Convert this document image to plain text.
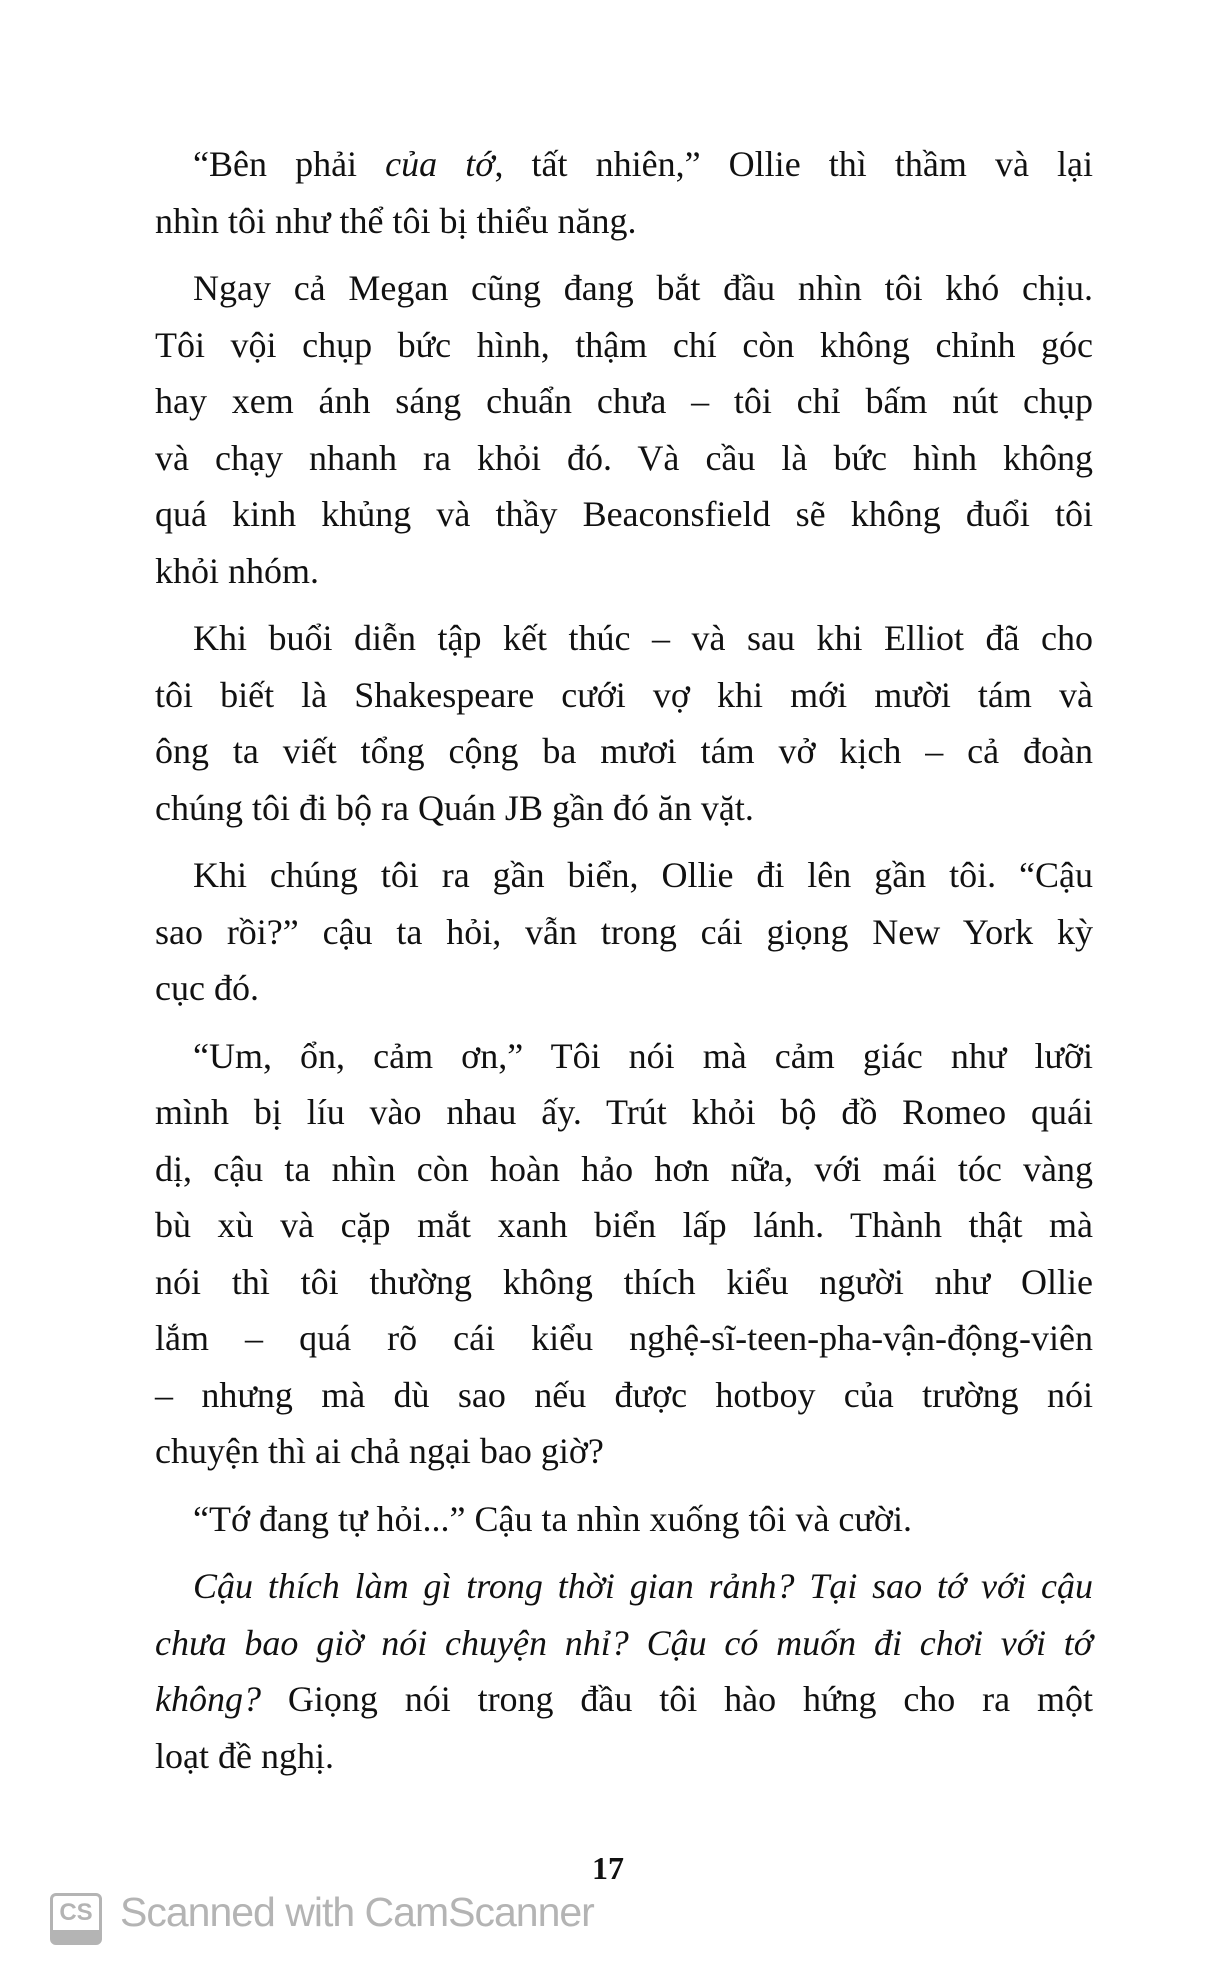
“Bên phải của tớ, tất nhiên,” Ollie thì thầm và lại
nhìn tôi như thể tôi bị thiểu năng.
Ngay cả Megan cũng đang bắt đầu nhìn tôi khó chịu.
Tôi vội chụp bức hình, thậm chí còn không chỉnh góc
hay xem ánh sáng chuẩn chưa – tôi chỉ bấm nút chụp
và chạy nhanh ra khỏi đó. Và cầu là bức hình không
quá kinh khủng và thầy Beaconsfield sẽ không đuổi tôi
khỏi nhóm.
Khi buổi diễn tập kết thúc – và sau khi Elliot đã cho
tôi biết là Shakespeare cưới vợ khi mới mười tám và
ông ta viết tổng cộng ba mươi tám vở kịch – cả đoàn
chúng tôi đi bộ ra Quán JB gần đó ăn vặt.
Khi chúng tôi ra gần biển, Ollie đi lên gần tôi. “Cậu
sao rồi?” cậu ta hỏi, vẫn trong cái giọng New York kỳ
cục đó.
“Um, ổn, cảm ơn,” Tôi nói mà cảm giác như lưỡi
mình bị líu vào nhau ấy. Trút khỏi bộ đồ Romeo quái
dị, cậu ta nhìn còn hoàn hảo hơn nữa, với mái tóc vàng
bù xù và cặp mắt xanh biển lấp lánh. Thành thật mà
nói thì tôi thường không thích kiểu người như Ollie
lắm – quá rõ cái kiểu nghệ-sĩ-teen-pha-vận-động-viên
– nhưng mà dù sao nếu được hotboy của trường nói
chuyện thì ai chả ngại bao giờ?
“Tớ đang tự hỏi...” Cậu ta nhìn xuống tôi và cười.
Cậu thích làm gì trong thời gian rảnh? Tại sao tớ với cậu
chưa bao giờ nói chuyện nhỉ? Cậu có muốn đi chơi với tớ
không? Giọng nói trong đầu tôi hào hứng cho ra một
loạt đề nghị.
17
CS Scanned with CamScanner
